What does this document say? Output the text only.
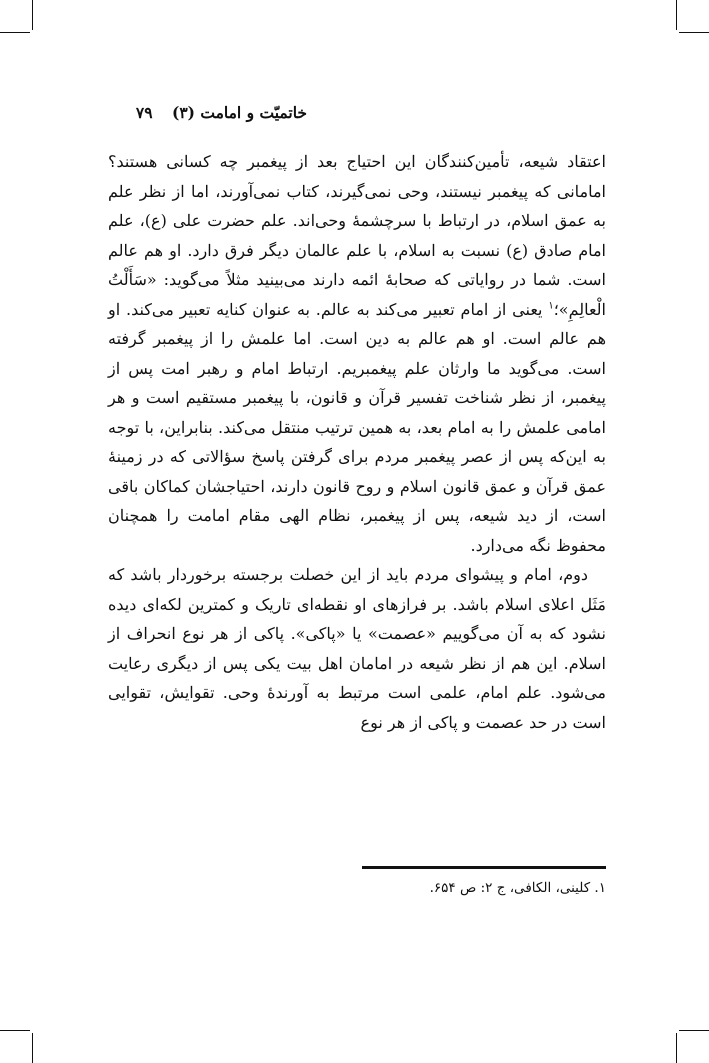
خاتمیّت و امامت (۳) ۷۹

اعتقاد شیعه، تأمین‌کنندگان این احتیاج بعد از پیغمبر چه کسانی هستند؟ امامانی که پیغمبر نیستند، وحی نمی‌گیرند، کتاب نمی‌آورند، اما از نظر علم به عمق اسلام، در ارتباط با سرچشمهٔ وحی‌اند. علم حضرت علی (ع)، علم امام صادق (ع) نسبت به اسلام، با علم عالمان دیگر فرق دارد. او هم عالم است. شما در روایاتی که صحابهٔ ائمه دارند می‌بینید مثلاً می‌گوید: «سَأَلْتُ الْعالِمِ»؛$^۱$ یعنی از امام تعبیر می‌کند به عالم. به عنوان کنایه تعبیر می‌کند. او هم عالم است. او هم عالم به دین است. اما علمش را از پیغمبر گرفته است. می‌گوید ما وارثان علم پیغمبریم. ارتباط امام و رهبر امت پس از پیغمبر، از نظر شناخت تفسیر قرآن و قانون، با پیغمبر مستقیم است و هر امامی علمش را به امام بعد، به همین ترتیب منتقل می‌کند. بنابراین، با توجه به این‌که پس از عصر پیغمبر مردم برای گرفتن پاسخ سؤالاتی که در زمینهٔ عمق قرآن و عمق قانون اسلام و روح قانون دارند، احتیاجشان کماکان باقی است، از دید شیعه، پس از پیغمبر، نظام الهی مقام امامت را همچنان محفوظ نگه می‌دارد.

دوم، امام و پیشوای مردم باید از این خصلت برجسته برخوردار باشد که مَثَل اعلای اسلام باشد. بر فرازهای او نقطه‌ای تاریک و کمترین لکه‌ای دیده نشود که به آن می‌گوییم «عصمت» یا «پاکی». پاکی از هر نوع انحراف از اسلام. این هم از نظر شیعه در امامان اهل بیت یکی پس از دیگری رعایت می‌شود. علم امام، علمی است مرتبط به آورندهٔ وحی. تقوایش، تقوایی است در حد عصمت و پاکی از هر نوع

۱. کلینی، الکافی، ج ۲: ص ۶۵۴.
